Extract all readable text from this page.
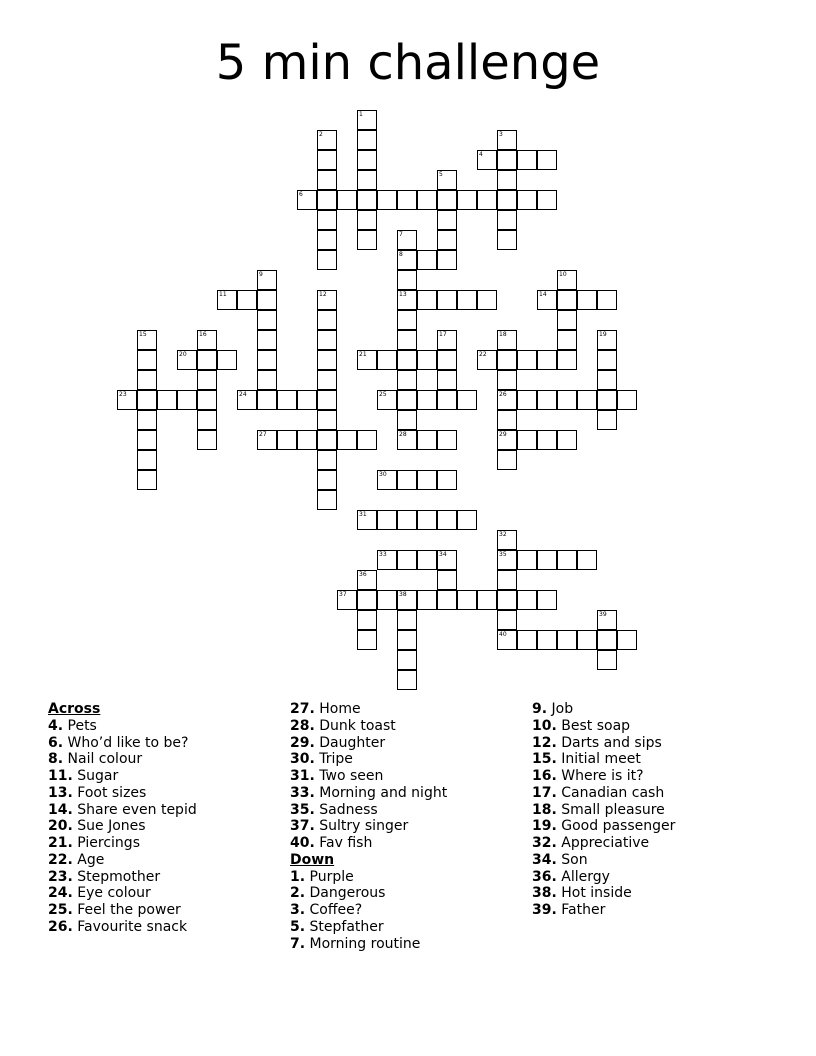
5 min challenge
1
2	3
4
5
6
7
8
13
28
9	10
11	12	14
15	16	17	18
26
29
19
20	21	22
23	24	25
27
30
31
32
35
40
33	34
36
37	38
39
Across
4. Pets
6. Who’d like to be?
8. Nail colour
11. Sugar
13. Foot sizes
14. Share even tepid
20. Sue Jones
21. Piercings
22. Age
23. Stepmother
24. Eye colour
25. Feel the power
26. Favourite snack
27. Home
28. Dunk toast
29. Daughter
30. Tripe
31. Two seen
33. Morning and night
35. Sadness
37. Sultry singer
40. Fav fish
Down
1. Purple
2. Dangerous
3. Coffee?
5. Stepfather
7. Morning routine
9. Job
10. Best soap
12. Darts and sips
15. Initial meet
16. Where is it?
17. Canadian cash
18. Small pleasure
19. Good passenger
32. Appreciative
34. Son
36. Allergy
38. Hot inside
39. Father
